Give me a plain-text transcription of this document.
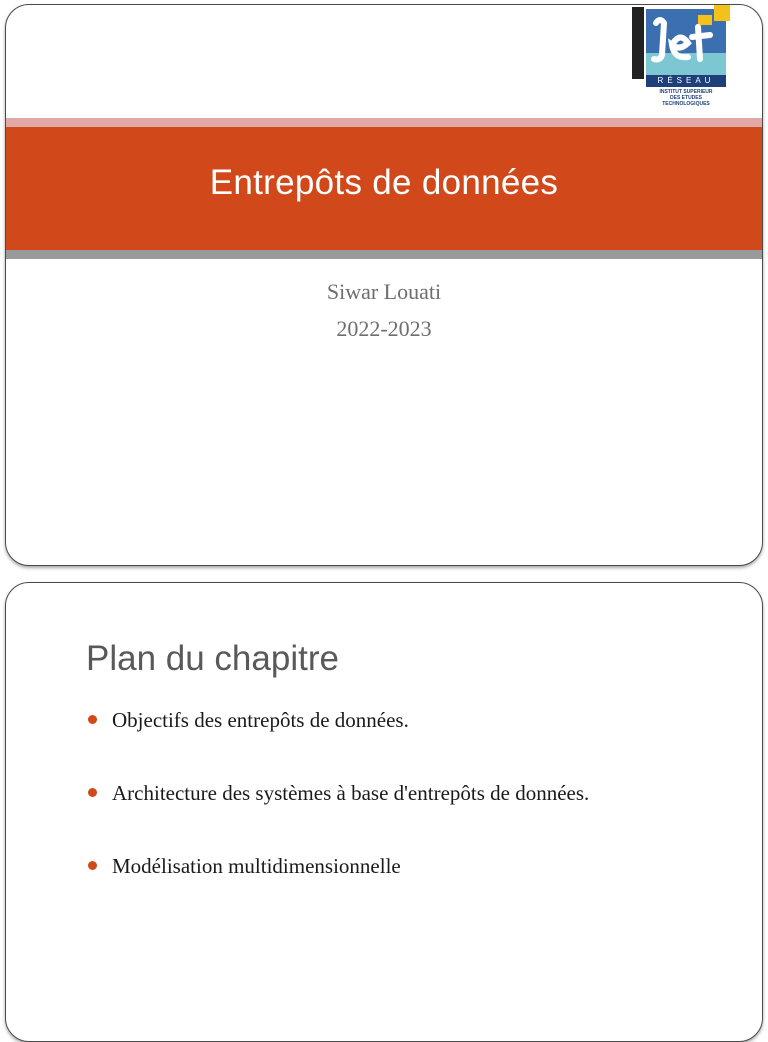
RÉSEAU
INSTITUT SUPERIEUR
DES ETUDES
TECHNOLOGIQUES
Entrepôts de données
Siwar Louati
2022-2023
Plan du chapitre
Objectifs des entrepôts de données.
Architecture des systèmes à base d'entrepôts de données.
Modélisation multidimensionnelle
